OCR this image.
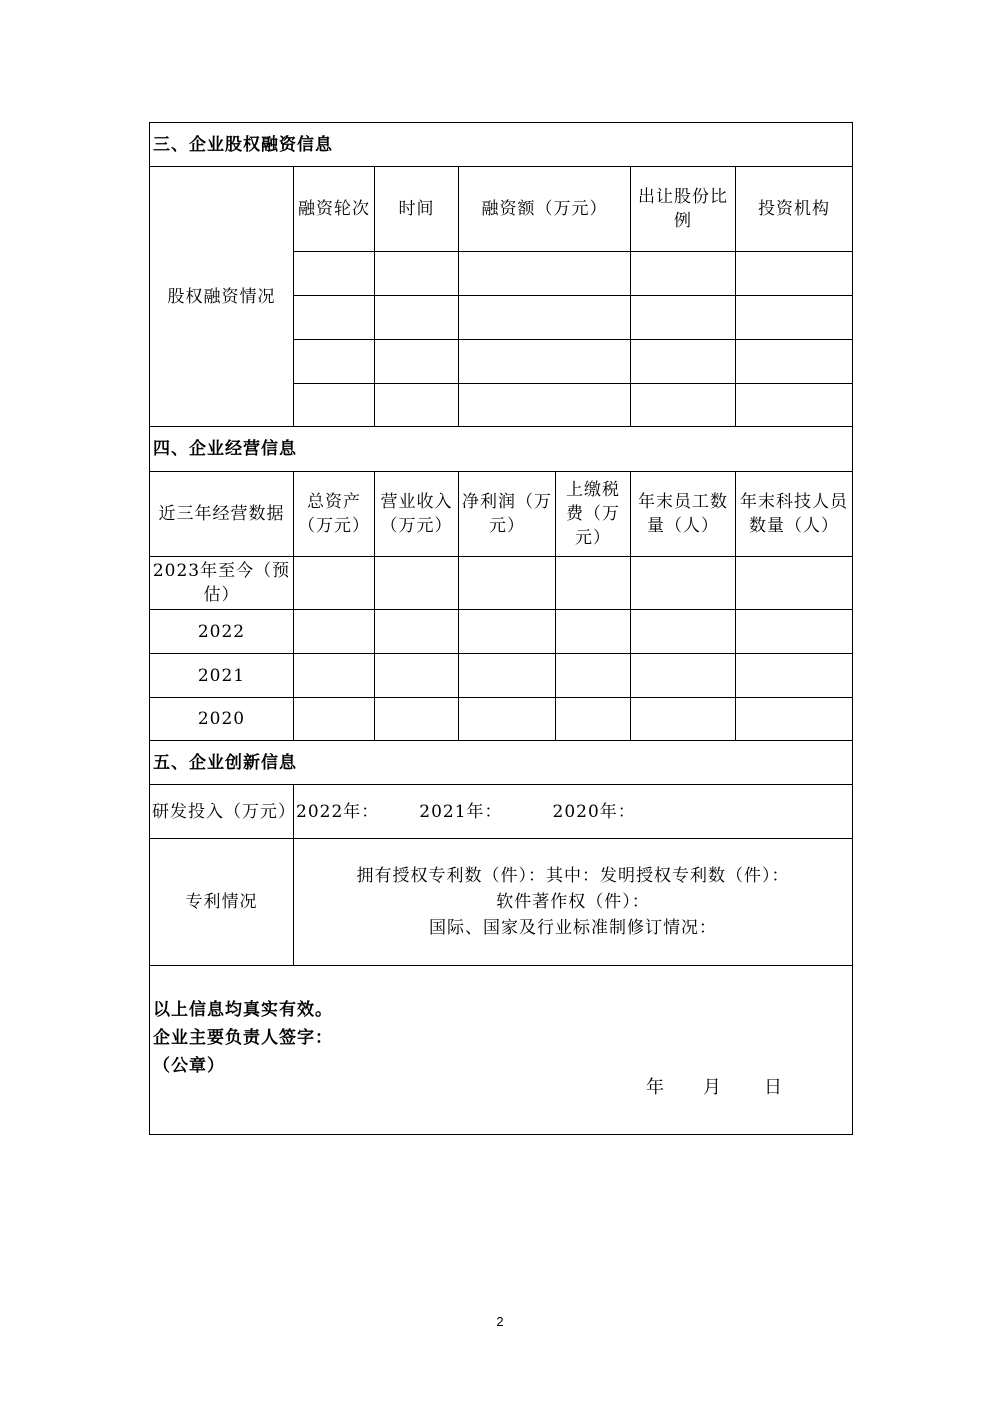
三、企业股权融资信息						
股权融资情况	融资轮次	时间	融资额（万元）		出让股份比例	投资机构

四、企业经营信息						
近三年经营数据	总资产（万元）	营业收入（万元）	净利润（万元）	上缴税费（万元）	年末员工数量（人）	年末科技人员数量（人）
2023年至今（预估）						
2022						
2021						
2020						
五、企业创新信息						
研发投入（万元）	2022年： 2021年： 2020年：					
专利情况	拥有授权专利数（件）：其中：发明授权专利数（件）：
软件著作权（件）：
国际、国家及行业标准制修订情况：					

以上信息均真实有效。
企业主要负责人签字：
（公章）
年 月 日						
2
